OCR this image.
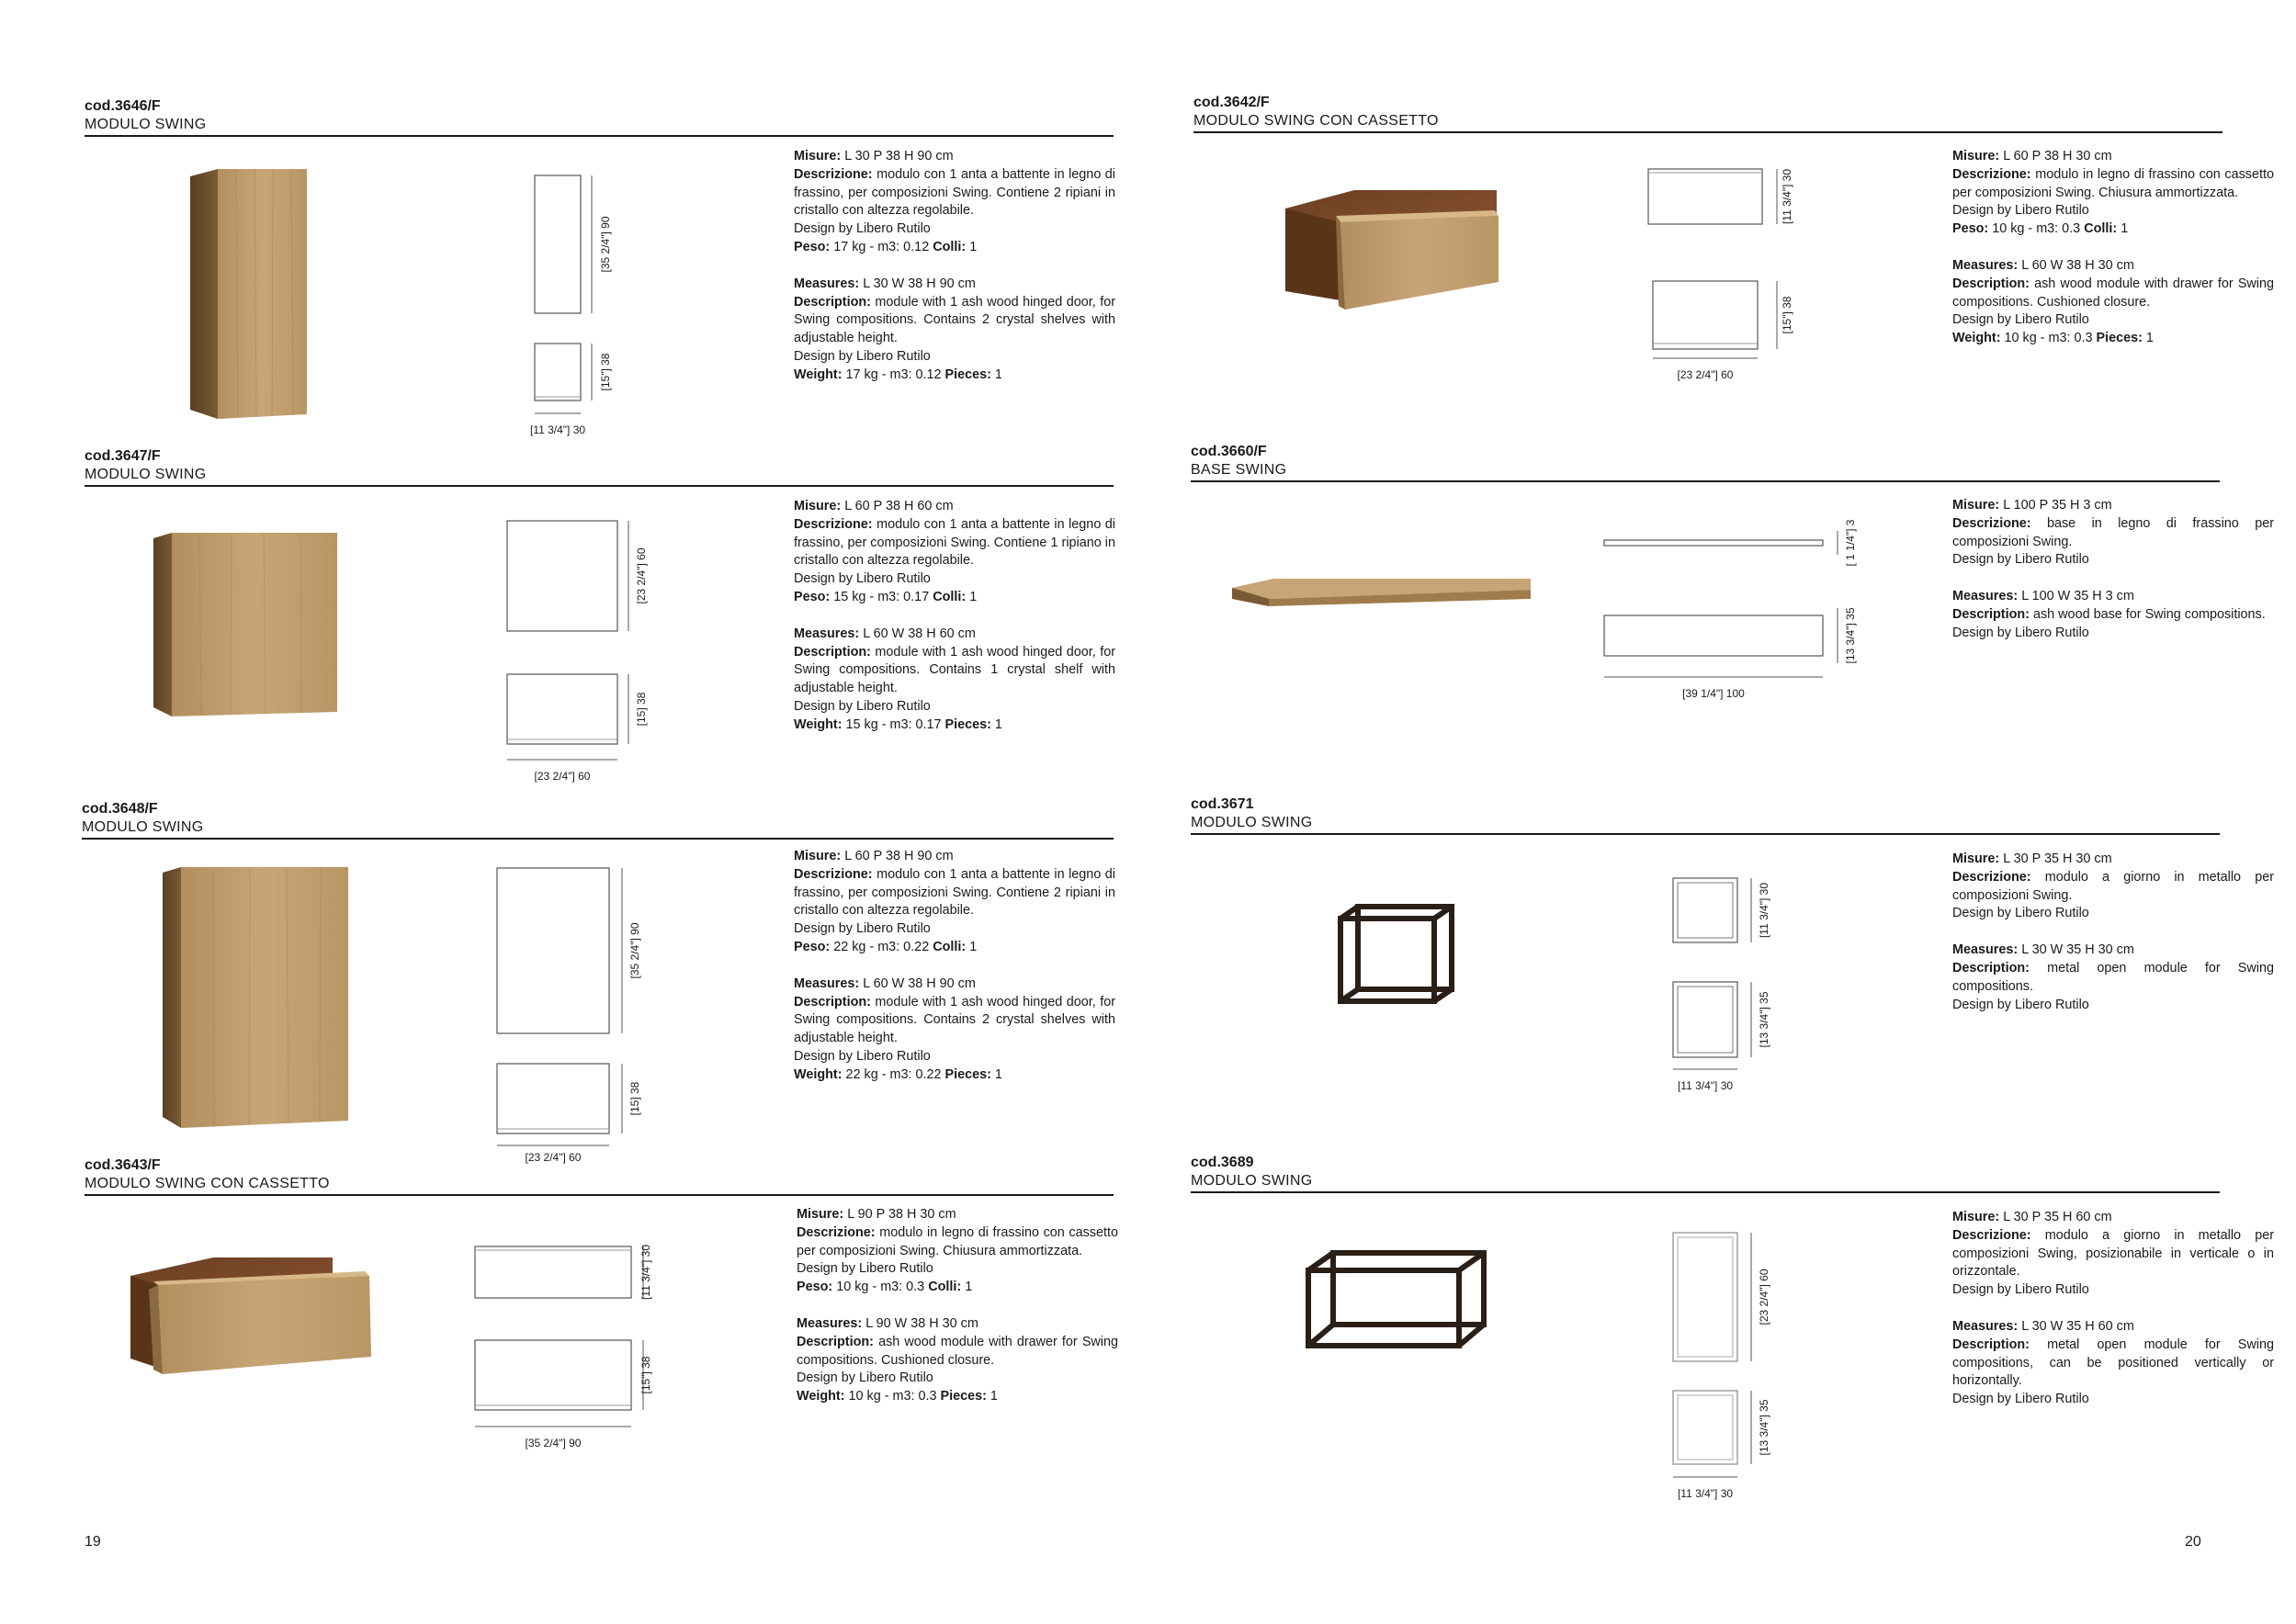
cod.3646/F
MODULO SWING
[35 2/4"] 90
[15"] 38
[11 3/4"] 30

Misure: L 30 P 38 H 90 cm

Descrizione: modulo con 1 anta a battente in legno di frassino, per composizioni Swing. Contiene 2 ripiani in cristallo con altezza regolabile.

Design by Libero Rutilo

Peso: 17 kg - m3: 0.12 Colli: 1

Measures: L 30 W 38 H 90 cm

Description: module with 1 ash wood hinged door, for Swing compositions. Contains 2 crystal shelves with adjustable height.

Design by Libero Rutilo

Weight: 17 kg - m3: 0.12 Pieces: 1

cod.3647/F
MODULO SWING
[23 2/4"] 60
[15] 38
[23 2/4"] 60

Misure: L 60 P 38 H 60 cm

Descrizione: modulo con 1 anta a battente in legno di frassino, per composizioni Swing. Contiene 1 ripiano in cristallo con altezza regolabile.

Design by Libero Rutilo

Peso: 15 kg - m3: 0.17 Colli: 1

Measures: L 60 W 38 H 60 cm

Description: module with 1 ash wood hinged door, for Swing compositions. Contains 1 crystal shelf with adjustable height.

Design by Libero Rutilo

Weight: 15 kg - m3: 0.17 Pieces: 1

cod.3648/F
MODULO SWING
[35 2/4"] 90
[15] 38
[23 2/4"] 60

Misure: L 60 P 38 H 90 cm

Descrizione: modulo con 1 anta a battente in legno di frassino, per composizioni Swing. Contiene 2 ripiani in cristallo con altezza regolabile.

Design by Libero Rutilo

Peso: 22 kg - m3: 0.22 Colli: 1

Measures: L 60 W 38 H 90 cm

Description: module with 1 ash wood hinged door, for Swing compositions. Contains 2 crystal shelves with adjustable height.

Design by Libero Rutilo

Weight: 22 kg - m3: 0.22 Pieces: 1

cod.3643/F
MODULO SWING CON CASSETTO
[11 3/4"] 30
[15"] 38
[35 2/4"] 90

Misure: L 90 P 38 H 30 cm

Descrizione: modulo in legno di frassino con cassetto per composizioni Swing. Chiusura ammortizzata.

Design by Libero Rutilo

Peso: 10 kg - m3: 0.3 Colli: 1

Measures: L 90 W 38 H 30 cm

Description: ash wood module with drawer for Swing compositions. Cushioned closure.

Design by Libero Rutilo

Weight: 10 kg - m3: 0.3 Pieces: 1

19
cod.3642/F
MODULO SWING CON CASSETTO
[11 3/4"] 30
[15"] 38
[23 2/4"] 60

Misure: L 60 P 38 H 30 cm

Descrizione: modulo in legno di frassino con cassetto per composizioni Swing. Chiusura ammortizzata.

Design by Libero Rutilo

Peso: 10 kg - m3: 0.3 Colli: 1

Measures: L 60 W 38 H 30 cm

Description: ash wood module with drawer for Swing compositions. Cushioned closure.

Design by Libero Rutilo

Weight: 10 kg - m3: 0.3 Pieces: 1

cod.3660/F
BASE SWING
[ 1 1/4"] 3
[13 3/4"] 35
[39 1/4"] 100

Misure: L 100 P 35 H 3 cm

Descrizione: base in legno di frassino per composizioni Swing.

Design by Libero Rutilo

Measures: L 100 W 35 H 3 cm

Description: ash wood base for Swing compositions.

Design by Libero Rutilo

cod.3671
MODULO SWING
[11 3/4"] 30
[13 3/4"] 35
[11 3/4"] 30

Misure: L 30 P 35 H 30 cm

Descrizione: modulo a giorno in metallo per composizioni Swing.

Design by Libero Rutilo

Measures: L 30 W 35 H 30 cm

Description: metal open module for Swing compositions.

Design by Libero Rutilo

cod.3689
MODULO SWING
[23 2/4"] 60
[13 3/4"] 35
[11 3/4"] 30

Misure: L 30 P 35 H 60 cm

Descrizione: modulo a giorno in metallo per composizioni Swing, posizionabile in verticale o in orizzontale.

Design by Libero Rutilo

Measures: L 30 W 35 H 60 cm

Description: metal open module for Swing compositions, can be positioned vertically or horizontally.

Design by Libero Rutilo

20
